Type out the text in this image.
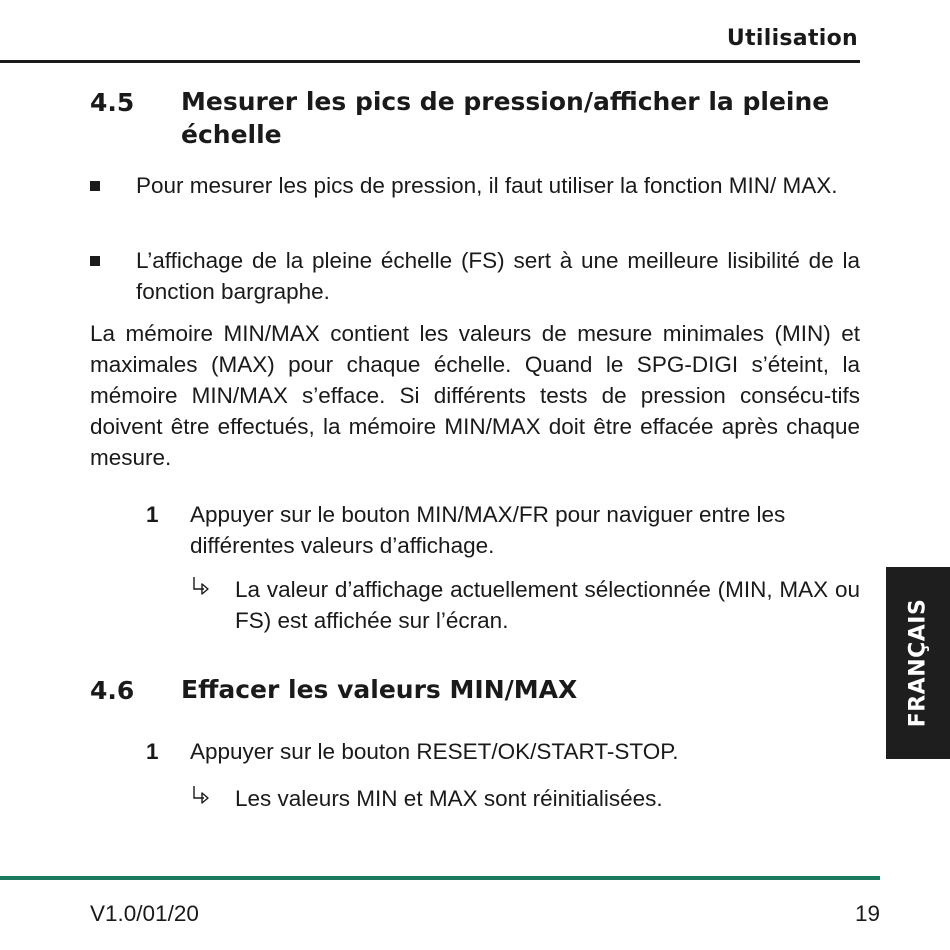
Utilisation
4.5 Mesurer les pics de pression/afficher la pleine échelle
Pour mesurer les pics de pression, il faut utiliser la fonction MIN/ MAX.
L’affichage de la pleine échelle (FS) sert à une meilleure lisibilité de la fonction bargraphe.
La mémoire MIN/MAX contient les valeurs de mesure minimales (MIN) et maximales (MAX) pour chaque échelle. Quand le SPG-DIGI s’éteint, la mémoire MIN/MAX s’efface. Si différents tests de pression consécu-tifs doivent être effectués, la mémoire MIN/MAX doit être effacée après chaque mesure.
1 Appuyer sur le bouton MIN/MAX/FR pour naviguer entre les différentes valeurs d’affichage.
La valeur d’affichage actuellement sélectionnée (MIN, MAX ou FS) est affichée sur l’écran.
4.6 Effacer les valeurs MIN/MAX
1 Appuyer sur le bouton RESET/OK/START-STOP.
Les valeurs MIN et MAX sont réinitialisées.
FRANÇAIS
V1.0/01/20	19
